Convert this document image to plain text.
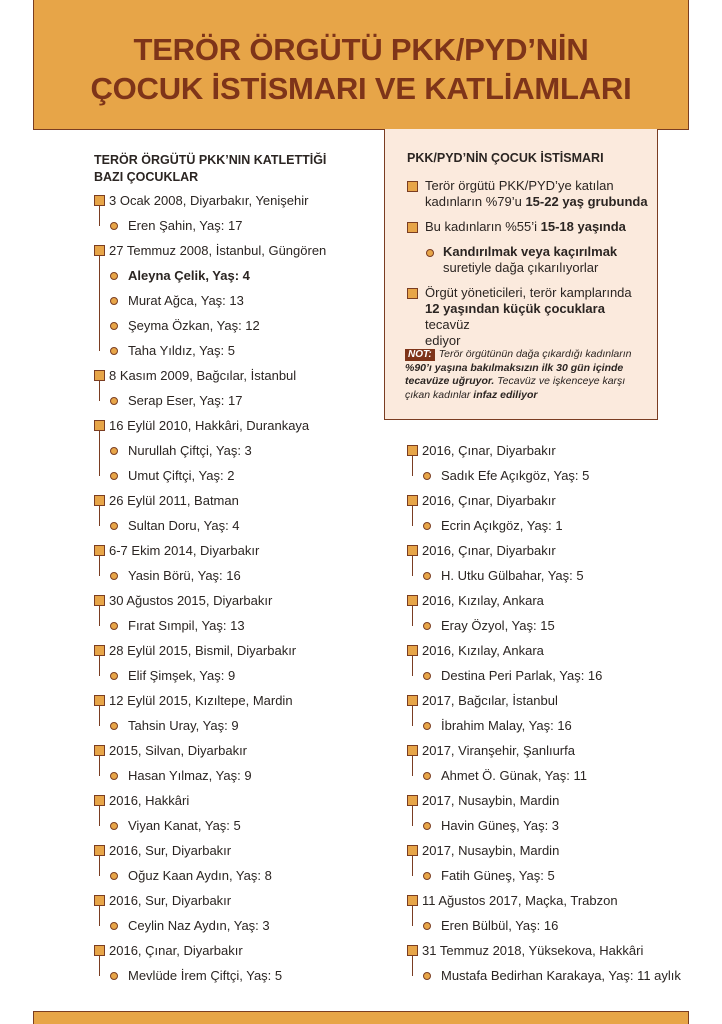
TERÖR ÖRGÜTÜ PKK/PYD’NİN
ÇOCUK İSTİSMARI VE KATLİAMLARI
TERÖR ÖRGÜTÜ PKK’NIN KATLETTİĞİ
BAZI ÇOCUKLAR
3 Ocak 2008, Diyarbakır, Yenişehir
Eren Şahin, Yaş: 17
27 Temmuz 2008, İstanbul, Güngören
Aleyna Çelik, Yaş: 4
Murat Ağca, Yaş: 13
Şeyma Özkan, Yaş: 12
Taha Yıldız, Yaş: 5
8 Kasım 2009, Bağcılar, İstanbul
Serap Eser, Yaş: 17
16 Eylül 2010, Hakkâri, Durankaya
Nurullah Çiftçi, Yaş: 3
Umut Çiftçi, Yaş: 2
26 Eylül 2011, Batman
Sultan Doru, Yaş: 4
6-7 Ekim 2014, Diyarbakır
Yasin Börü, Yaş: 16
30 Ağustos 2015, Diyarbakır
Fırat Sımpil, Yaş: 13
28 Eylül 2015, Bismil, Diyarbakır
Elif Şimşek, Yaş: 9
12 Eylül 2015, Kızıltepe, Mardin
Tahsin Uray, Yaş: 9
2015, Silvan, Diyarbakır
Hasan Yılmaz, Yaş: 9
2016, Hakkâri
Viyan Kanat, Yaş: 5
2016, Sur, Diyarbakır
Oğuz Kaan Aydın, Yaş: 8
2016, Sur, Diyarbakır
Ceylin Naz Aydın, Yaş: 3
2016, Çınar, Diyarbakır
Mevlüde İrem Çiftçi, Yaş: 5
2016, Çınar, Diyarbakır
Sadık Efe Açıkgöz, Yaş: 5
2016, Çınar, Diyarbakır
Ecrin Açıkgöz, Yaş: 1
2016, Çınar, Diyarbakır
H. Utku Gülbahar, Yaş: 5
2016, Kızılay, Ankara
Eray Özyol, Yaş: 15
2016, Kızılay, Ankara
Destina Peri Parlak, Yaş: 16
2017, Bağcılar, İstanbul
İbrahim Malay, Yaş: 16
2017, Viranşehir, Şanlıurfa
Ahmet Ö. Günak, Yaş: 11
2017, Nusaybin, Mardin
Havin Güneş, Yaş: 3
2017, Nusaybin, Mardin
Fatih Güneş, Yaş: 5
11 Ağustos 2017, Maçka, Trabzon
Eren Bülbül, Yaş: 16
31 Temmuz 2018, Yüksekova, Hakkâri
Mustafa Bedirhan Karakaya, Yaş: 11 aylık
PKK/PYD’NİN ÇOCUK İSTİSMARI
Terör örgütü PKK/PYD’ye katılan
kadınların %79’u 15-22 yaş grubunda
Bu kadınların %55’i 15-18 yaşında
Kandırılmak veya kaçırılmak
suretiyle dağa çıkarılıyorlar
Örgüt yöneticileri, terör kamplarında
12 yaşından küçük çocuklara tecavüz
ediyor
NOT: Terör örgütünün dağa çıkardığı kadınların %90’ı yaşına bakılmaksızın ilk 30 gün içinde tecavüze uğruyor. Tecavüz ve işkenceye karşı çıkan kadınlar infaz ediliyor
